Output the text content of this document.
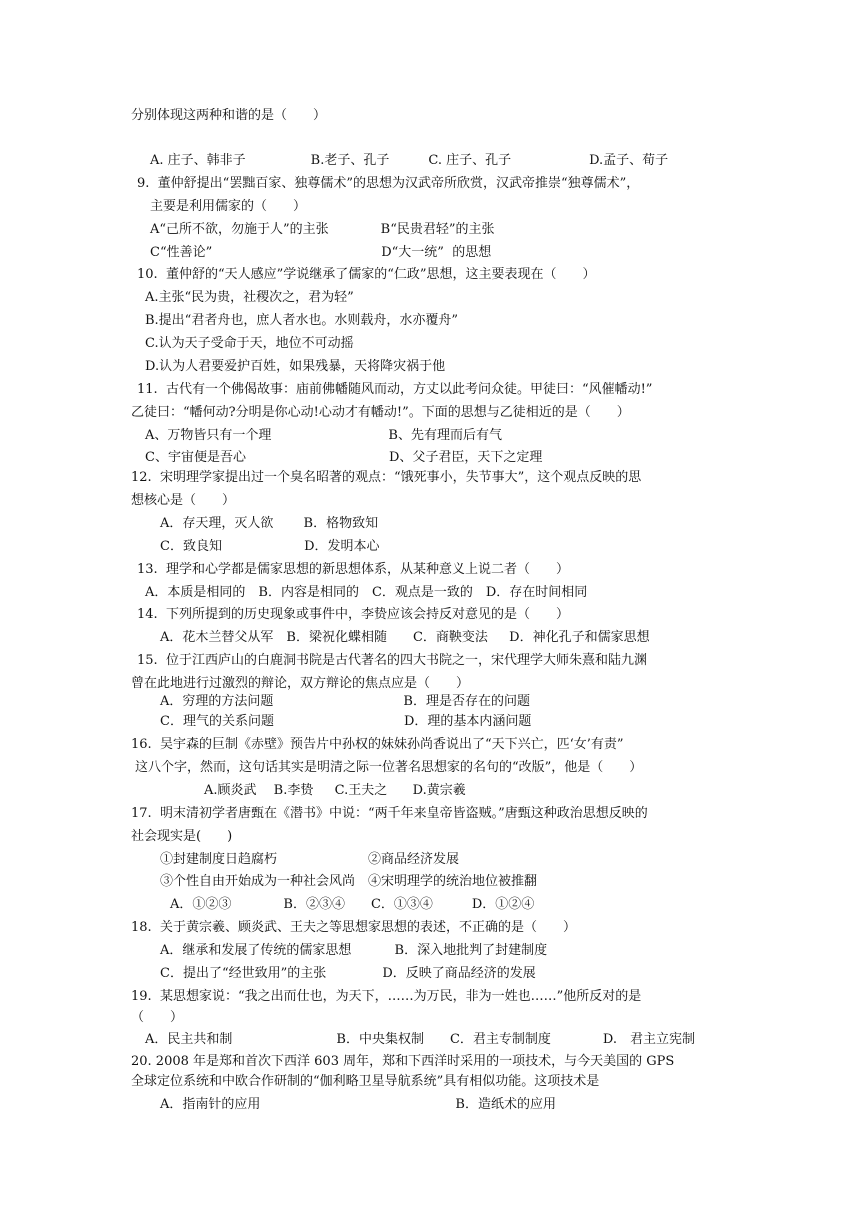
分别体现这两种和谐的是（　　）
A. 庄子、韩非子　　　　　B.老子、孔子　　　C. 庄子、孔子　　　　　　D.孟子、荀子
9.  董仲舒提出“罢黜百家、独尊儒术”的思想为汉武帝所欣赏，汉武帝推崇“独尊儒术”，
主要是利用儒家的（　　）
A“己所不欲，勿施于人”的主张　　　　B“民贵君轻”的主张
C“性善论”　　　　　　　　　　　　　D“大一统”  的思想
10.  董仲舒的“天人感应”学说继承了儒家的“仁政”思想，这主要表现在（　　）
A.主张“民为贵，社稷次之，君为轻”
B.提出“君者舟也，庶人者水也。水则载舟，水亦覆舟”
C.认为天子受命于天，地位不可动摇
D.认为人君要爱护百姓，如果残暴，天将降灾祸于他
11.  古代有一个佛偈故事：庙前佛幡随风而动，方丈以此考问众徒。甲徒曰：“风催幡动!”
乙徒曰：“幡何动?分明是你心动!心动才有幡动!”。下面的思想与乙徒相近的是（　　）
A、万物皆只有一个理　　　　　　　　　B、先有理而后有气
C、宇宙便是吾心　　　　　　　　　　　D、父子君臣，天下之定理
12.  宋明理学家提出过一个臭名昭著的观点：“饿死事小，失节事大”，这个观点反映的思
想核心是（　　）
A．存天理，灭人欲　　 B．格物致知
C．致良知　　　　　　 D．发明本心
13.  理学和心学都是儒家思想的新思想体系，从某种意义上说二者（　　）
A．本质是相同的　B．内容是相同的　C．观点是一致的　D．存在时间相同
14.  下列所提到的历史现象或事件中，李贽应该会持反对意见的是（　　）
A．花木兰替父从军　B．梁祝化蝶相随　　C．商鞅变法　  D．神化孔子和儒家思想
15.  位于江西庐山的白鹿洞书院是古代著名的四大书院之一，宋代理学大师朱熹和陆九渊
曾在此地进行过激烈的辩论，双方辩论的焦点应是（　　）
A．穷理的方法问题　　　　　　　　　　B．理是否存在的问题
C．理气的关系问题　　　　　　　　　　D．理的基本内涵问题
16.  吴宇森的巨制《赤壁》预告片中孙权的妹妹孙尚香说出了“天下兴亡，匹‘女’有责”
这八个字，然而，这句话其实是明清之际一位著名思想家的名句的“改版”，他是（　　）
A.顾炎武　 B.李贽　  C.王夫之　   D.黄宗羲
17.  明末清初学者唐甄在《潜书》中说：“两千年来皇帝皆盗贼。”唐甄这种政治思想反映的
社会现实是(　　)
①封建制度日趋腐朽　　　　　　　②商品经济发展
③个性自由开始成为一种社会风尚　④宋明理学的统治地位被推翻
A．①②③　　　　B．②③④　　C．①③④　　　D．①②④
18.  关于黄宗羲、顾炎武、王夫之等思想家思想的表述，不正确的是（　　）
A．继承和发展了传统的儒家思想　　　 B．深入地批判了封建制度
C．提出了“经世致用”的主张　　　　 D．反映了商品经济的发展
19.  某思想家说：“我之出而仕也，为天下，……为万民，非为一姓也……”他所反对的是
（　　）
A．民主共和制　　　　　　　　B．中央集权制　　C．君主专制制度　　　　D.　君主立宪制
20. 2008 年是郑和首次下西洋 603 周年，郑和下西洋时采用的一项技术，与今天美国的 GPS
全球定位系统和中欧合作研制的“伽利略卫星导航系统”具有相似功能。这项技术是
A．指南针的应用　　　　　　　　　　　　　　　B．造纸术的应用
